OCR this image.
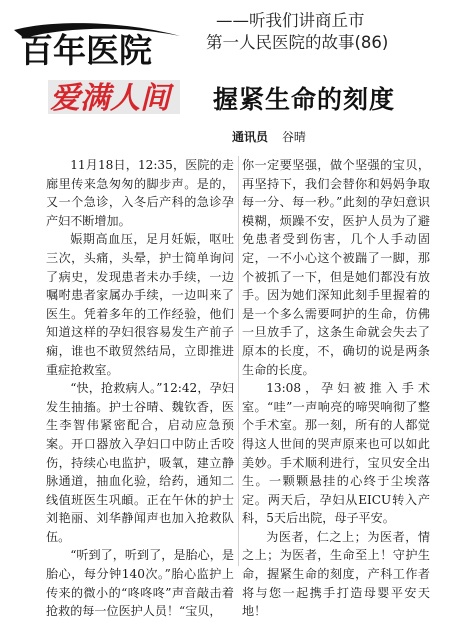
百年医院
爱满人间
——听我们讲商丘市
第一人民医院的故事(86)
握紧生命的刻度
通讯员 谷晴

11月18日，12:35，医院的走廊里传来急匆匆的脚步声。是的，又一个急诊，入冬后产科的急诊孕产妇不断增加。

娠期高血压，足月妊娠，呕吐三次，头痛，头晕，护士简单询问了病史，发现患者未办手续，一边嘱咐患者家属办手续，一边叫来了医生。凭着多年的工作经验，他们知道这样的孕妇很容易发生产前子痫，谁也不敢贸然结局，立即推进重症抢救室。

“快，抢救病人。”12:42，孕妇发生抽搐。护士谷晴、魏钦香，医生李智伟紧密配合，启动应急预案。开口器放入孕妇口中防止舌咬伤，持续心电监护，吸氧，建立静脉通道，抽血化验，给药，通知二线值班医生巩頔。正在午休的护士刘艳丽、刘华静闻声也加入抢救队伍。

“听到了，听到了，是胎心，是胎心，每分钟140次。”胎心监护上传来的微小的“咚咚咚”声音敲击着抢救的每一位医护人员！“宝贝，

你一定要坚强，做个坚强的宝贝，再坚持下，我们会替你和妈妈争取每一分、每一秒。”此刻的孕妇意识模糊，烦躁不安，医护人员为了避免患者受到伤害，几个人手动固定，一不小心这个被踹了一脚，那个被抓了一下，但是她们都没有放手。因为她们深知此刻手里握着的是一个多么需要呵护的生命，仿佛一旦放手了，这条生命就会失去了原本的长度，不，确切的说是两条生命的长度。

13:08，孕妇被推入手术室。“哇”一声响亮的啼哭响彻了整个手术室。那一刻，所有的人都觉得这人世间的哭声原来也可以如此美妙。手术顺利进行，宝贝安全出生。一颗颗悬挂的心终于尘埃落定。两天后，孕妇从EICU转入产科，5天后出院，母子平安。

为医者，仁之上；为医者，情之上；为医者，生命至上！守护生命，握紧生命的刻度，产科工作者将与您一起携手打造母婴平安天地！
